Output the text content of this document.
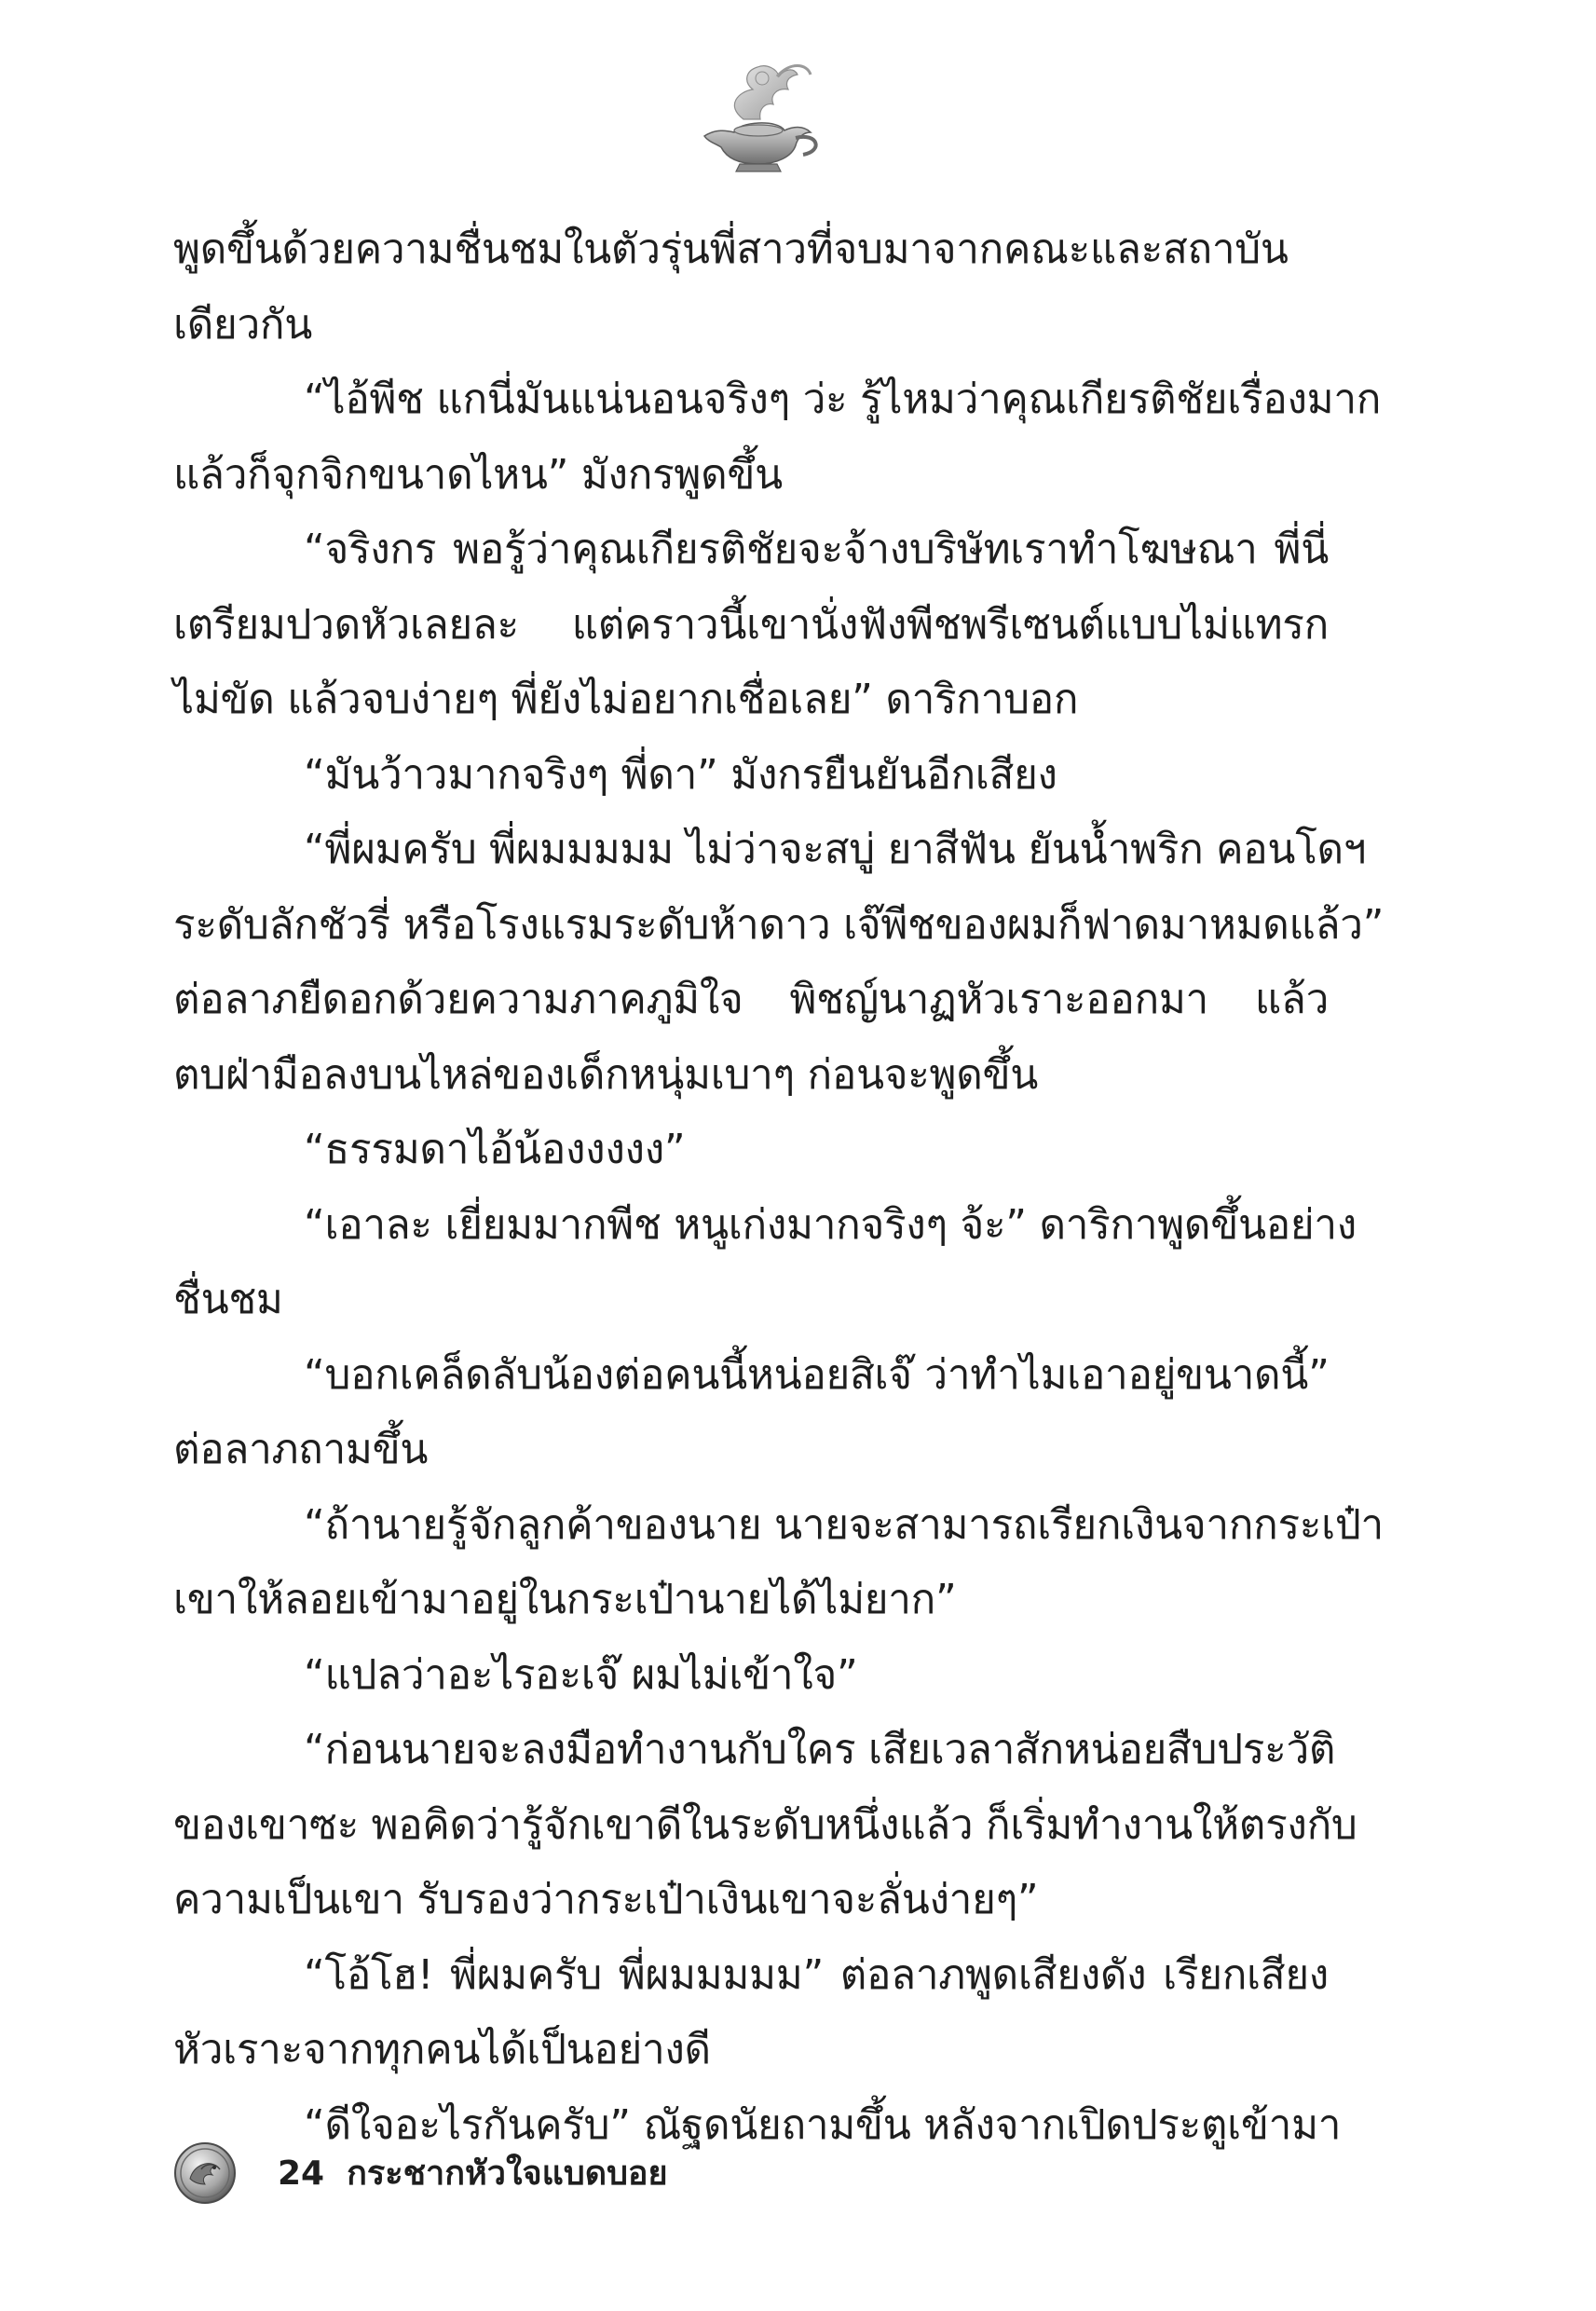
พูดขึ้นด้วยความชื่นชมในตัวรุ่นพี่สาวที่จบมาจากคณะและสถาบัน
เดียวกัน
“ไอ้พีช แกนี่มันแน่นอนจริงๆ ว่ะ รู้ไหมว่าคุณเกียรติชัยเรื่องมาก
แล้วก็จุกจิกขนาดไหน” มังกรพูดขึ้น
“จริงกร พอรู้ว่าคุณเกียรติชัยจะจ้างบริษัทเราทำโฆษณา พี่นี่
เตรียมปวดหัวเลยละ แต่คราวนี้เขานั่งฟังพีชพรีเซนต์แบบไม่แทรก
ไม่ขัด แล้วจบง่ายๆ พี่ยังไม่อยากเชื่อเลย” ดาริกาบอก
“มันว้าวมากจริงๆ พี่ดา” มังกรยืนยันอีกเสียง
“พี่ผมครับ พี่ผมมมมม ไม่ว่าจะสบู่ ยาสีฟัน ยันน้ำพริก คอนโดฯ
ระดับลักชัวรี่ หรือโรงแรมระดับห้าดาว เจ๊พีชของผมก็ฟาดมาหมดแล้ว”
ต่อลาภยืดอกด้วยความภาคภูมิใจ พิชญ์นาฏหัวเราะออกมา แล้ว
ตบฝ่ามือลงบนไหล่ของเด็กหนุ่มเบาๆ ก่อนจะพูดขึ้น
“ธรรมดาไอ้น้องงงงง”
“เอาละ เยี่ยมมากพีช หนูเก่งมากจริงๆ จ้ะ” ดาริกาพูดขึ้นอย่าง
ชื่นชม
“บอกเคล็ดลับน้องต่อคนนี้หน่อยสิเจ๊ ว่าทำไมเอาอยู่ขนาดนี้”
ต่อลาภถามขึ้น
“ถ้านายรู้จักลูกค้าของนาย นายจะสามารถเรียกเงินจากกระเป๋า
เขาให้ลอยเข้ามาอยู่ในกระเป๋านายได้ไม่ยาก”
“แปลว่าอะไรอะเจ๊ ผมไม่เข้าใจ”
“ก่อนนายจะลงมือทำงานกับใคร เสียเวลาสักหน่อยสืบประวัติ
ของเขาซะ พอคิดว่ารู้จักเขาดีในระดับหนึ่งแล้ว ก็เริ่มทำงานให้ตรงกับ
ความเป็นเขา รับรองว่ากระเป๋าเงินเขาจะลั่นง่ายๆ”
“โอ้โฮ! พี่ผมครับ พี่ผมมมมม” ต่อลาภพูดเสียงดัง เรียกเสียง
หัวเราะจากทุกคนได้เป็นอย่างดี
“ดีใจอะไรกันครับ” ณัฐดนัยถามขึ้น หลังจากเปิดประตูเข้ามา
24 กระชากหัวใจแบดบอย
